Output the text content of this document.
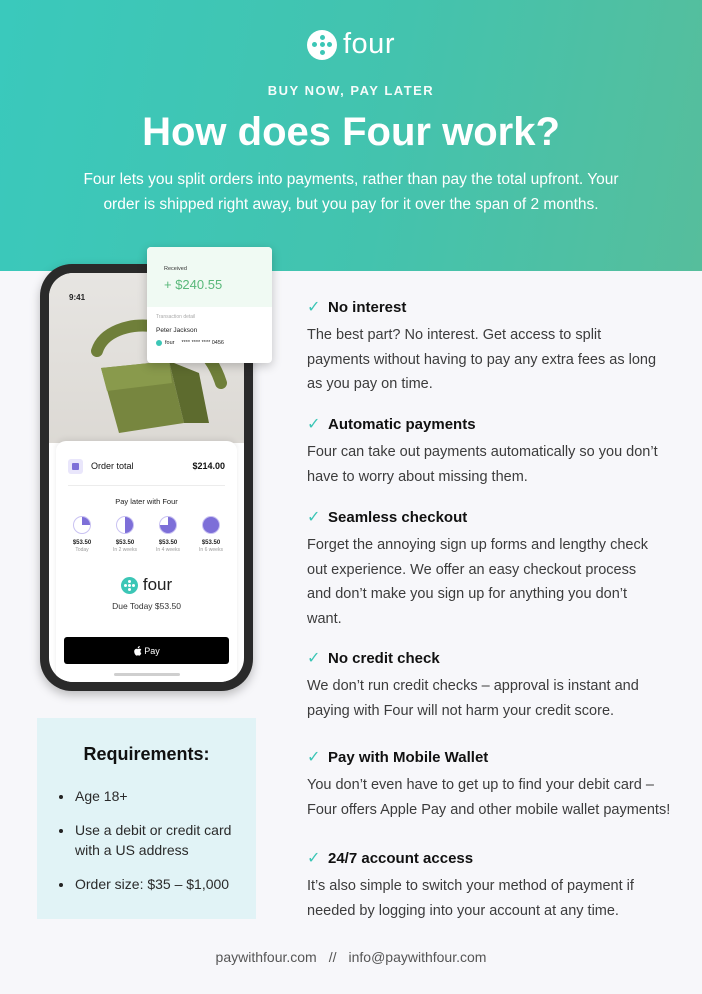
four
BUY NOW, PAY LATER
How does Four work?

Four lets you split orders into payments, rather than pay the total upfront. Your order is shipped right away, but you pay for it over the span of 2 months.

9:41
Order total	$214.00
Pay later with Four
$53.50
Today
$53.50
In 2 weeks
$53.50
In 4 weeks
$53.50
In 6 weeks
four
Due Today $53.50
Pay
Received
+ $240.55
Transaction detail
Peter Jackson
four **** **** **** 0456
Requirements:
Age 18+
Use a debit or credit card with a US address
Order size: $35 – $1,000
✓ No interest
The best part? No interest. Get access to split payments without having to pay any extra fees as long as you pay on time.
✓ Automatic payments
Four can take out payments automatically so you don’t have to worry about missing them.
✓ Seamless checkout
Forget the annoying sign up forms and lengthy check out experience. We offer an easy checkout process and don’t make you sign up for anything you don’t want.
✓ No credit check
We don’t run credit checks – approval is instant and paying with Four will not harm your credit score.
✓ Pay with Mobile Wallet
You don’t even have to get up to find your debit card – Four offers Apple Pay and other mobile wallet payments!
✓ 24/7 account access
It’s also simple to switch your method of payment if needed by logging into your account at any time.
paywithfour.com // info@paywithfour.com
